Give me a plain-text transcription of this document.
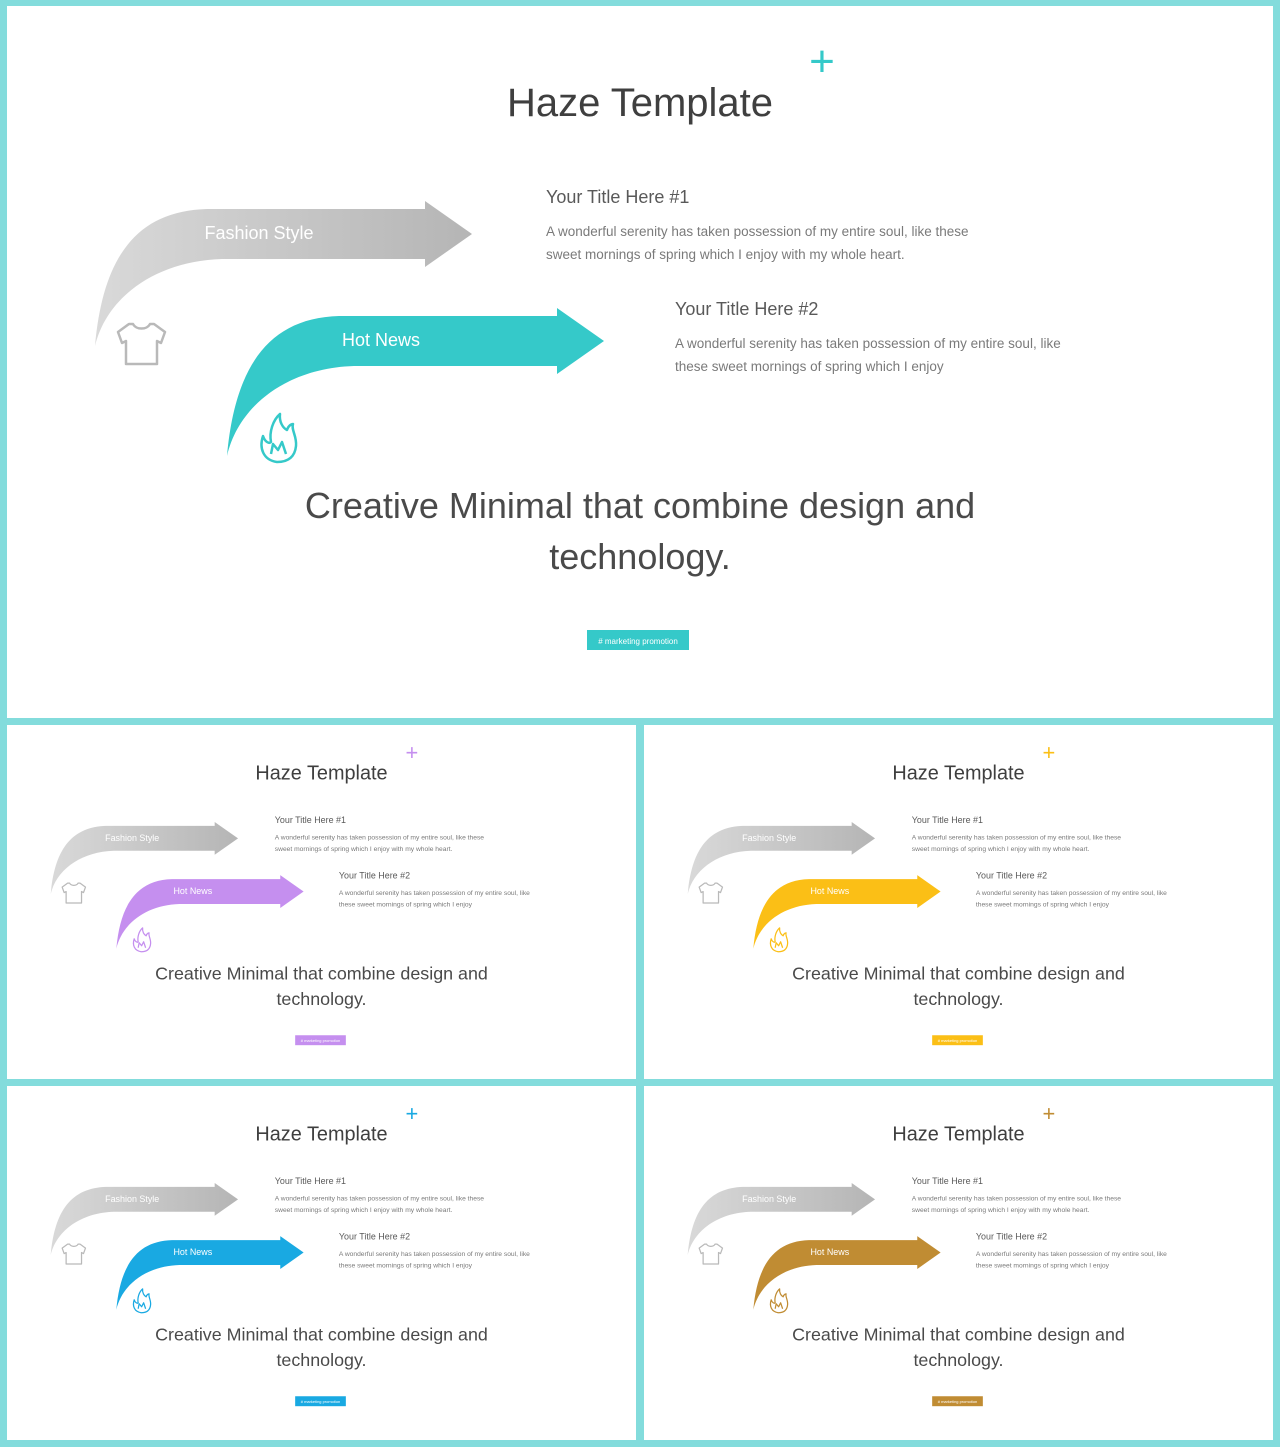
+
Haze Template
Fashion Style
Hot News
Your Title Here #1
A wonderful serenity has taken possession of my entire soul, like these
sweet mornings of spring which I enjoy with my whole heart.
Your Title Here #2
A wonderful serenity has taken possession of my entire soul, like
these sweet mornings of spring which I enjoy
Creative Minimal that combine design and
technology.
# marketing promotion
+
Haze Template
Fashion Style
Hot News
Your Title Here #1
A wonderful serenity has taken possession of my entire soul, like these
sweet mornings of spring which I enjoy with my whole heart.
Your Title Here #2
A wonderful serenity has taken possession of my entire soul, like
these sweet mornings of spring which I enjoy
Creative Minimal that combine design and
technology.
# marketing promotion
+
Haze Template
Fashion Style
Hot News
Your Title Here #1
A wonderful serenity has taken possession of my entire soul, like these
sweet mornings of spring which I enjoy with my whole heart.
Your Title Here #2
A wonderful serenity has taken possession of my entire soul, like
these sweet mornings of spring which I enjoy
Creative Minimal that combine design and
technology.
# marketing promotion
+
Haze Template
Fashion Style
Hot News
Your Title Here #1
A wonderful serenity has taken possession of my entire soul, like these
sweet mornings of spring which I enjoy with my whole heart.
Your Title Here #2
A wonderful serenity has taken possession of my entire soul, like
these sweet mornings of spring which I enjoy
Creative Minimal that combine design and
technology.
# marketing promotion
+
Haze Template
Fashion Style
Hot News
Your Title Here #1
A wonderful serenity has taken possession of my entire soul, like these
sweet mornings of spring which I enjoy with my whole heart.
Your Title Here #2
A wonderful serenity has taken possession of my entire soul, like
these sweet mornings of spring which I enjoy
Creative Minimal that combine design and
technology.
# marketing promotion
